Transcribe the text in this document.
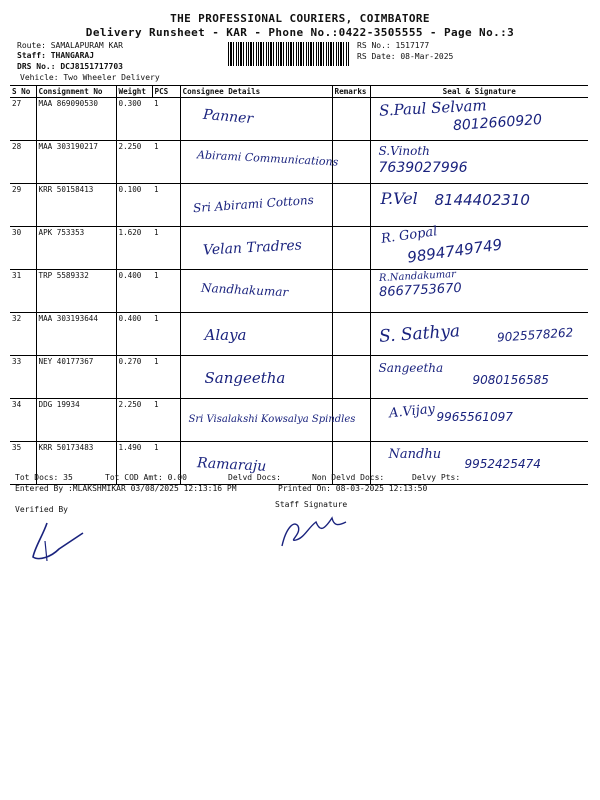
THE PROFESSIONAL COURIERS, COIMBATORE
Delivery Runsheet - KAR - Phone No.:0422-3505555 - Page No.:3
Route: SAMALAPURAM KAR
Staff: THANGARAJ
DRS No.: DCJ8151717703
Vehicle: Two Wheeler Delivery
RS No.: 1517177
RS Date: 08-Mar-2025
S No	Consignment No	Weight	PCS	Consignee Details	Remarks	Seal & Signature
27	MAA 869090530	0.300	1	Panner		S.Paul Selvam
8012660920

28	MAA 303190217	2.250	1	Abirami Communications		S.Vinoth
7639027996

29	KRR 50158413	0.100	1	Sri Abirami Cottons		P.Vel 8144402310

30	APK 753353	1.620	1	Velan Tradres		R. Gopal
9894749749

31	TRP 5589332	0.400	1	Nandhakumar		R.Nandakumar
8667753670

32	MAA 303193644	0.400	1	Alaya		S. Sathya 9025578262

33	NEY 40177367	0.270	1	Sangeetha		Sangeetha
9080156585

34	DDG 19934	2.250	1	Sri Visalakshi Kowsalya Spindles		A.Vijay 9965561097

35	KRR 50173483	1.490	1	Ramaraju		Nandhu
9952425474
Tot Docs: 35	Tot COD Amt: 0.00	Delvd Docs:	Non Delvd Docs:	Delvy Pts:
Entered By :MLAKSHMIKAR 03/08/2025 12:13:16 PM	Printed On: 08-03-2025 12:13:50
Verified By
Staff Signature
